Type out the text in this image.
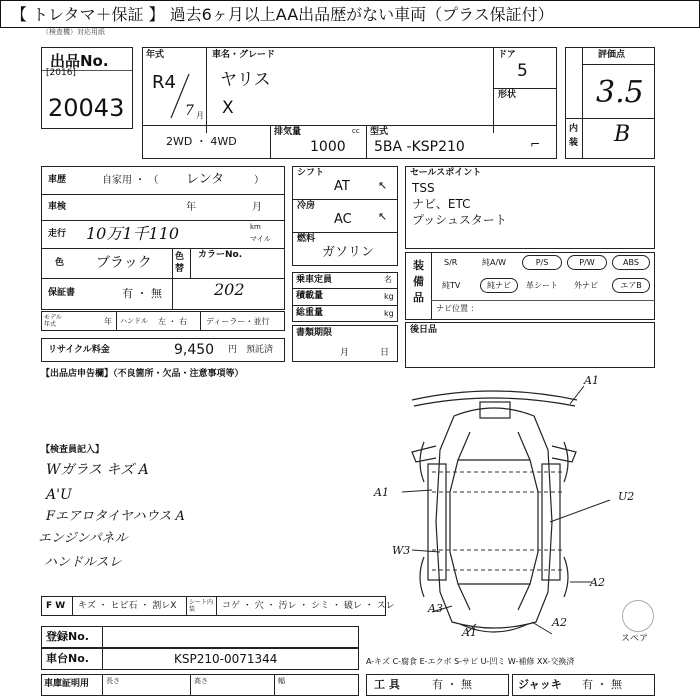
【 トレタマ＋保証 】 過去6ヶ月以上AA出品歴がない車両（プラス保証付）
（検査機）対応用紙
出品No.
[2016]
20043
年式
R4
7 月
車名・グレード
ヤリス
X
ドア
5
形状
2WD ・ 4WD
排気量	cc
1000
型式
5BA -KSP210	⌐
評価点
3.5
内装 B
車歴	自家用 ・ （ レンタ	）
車検	年	月
走行 10万1千110	km
マイル
色 ブラック	色替
カラーNo.
202
保証書	有 ・ 無
モデル年式	年 ハンドル 左 ・ 右 ディーラー・並行
リサイクル料金	9,450 円 預託済
シフト
AT	↖
冷房
AC ↖
燃料
ガソリン
乗車定員	名
積載量	kg
総重量	kg
書類期限
月	日
セールスポイント
TSS
ナビ、ETC
プッシュスタート
装備品
S/R	純A/W	P/S	P/W	ABS
純TV	純ナビ	革シート 外ナビ	エアB
ナビ位置 ：
後日品
【出品店申告欄】（不良箇所・欠品・注意事項等）
【検査員記入】
Wガラス キズ A
A'U
Fエアロタイヤハウス A
エンジンパネル
ハンドルスレ
A1
A1
W3
A2
A3
A2
A1
U2
スペア
F W キズ ・ ヒビ石 ・ 割レX シート内装	コゲ ・ 穴 ・ 汚レ ・ シミ ・ 破レ ・ スレ
登録No.
車台No.	KSP210-0071344	A-キズ C-腐食 E-エクボ S-サビ U-凹ミ W-補修 XX-交換済
車庫証明用 長さ	高さ	幅	工 具	有 ・ 無	ジャッキ 有 ・ 無
